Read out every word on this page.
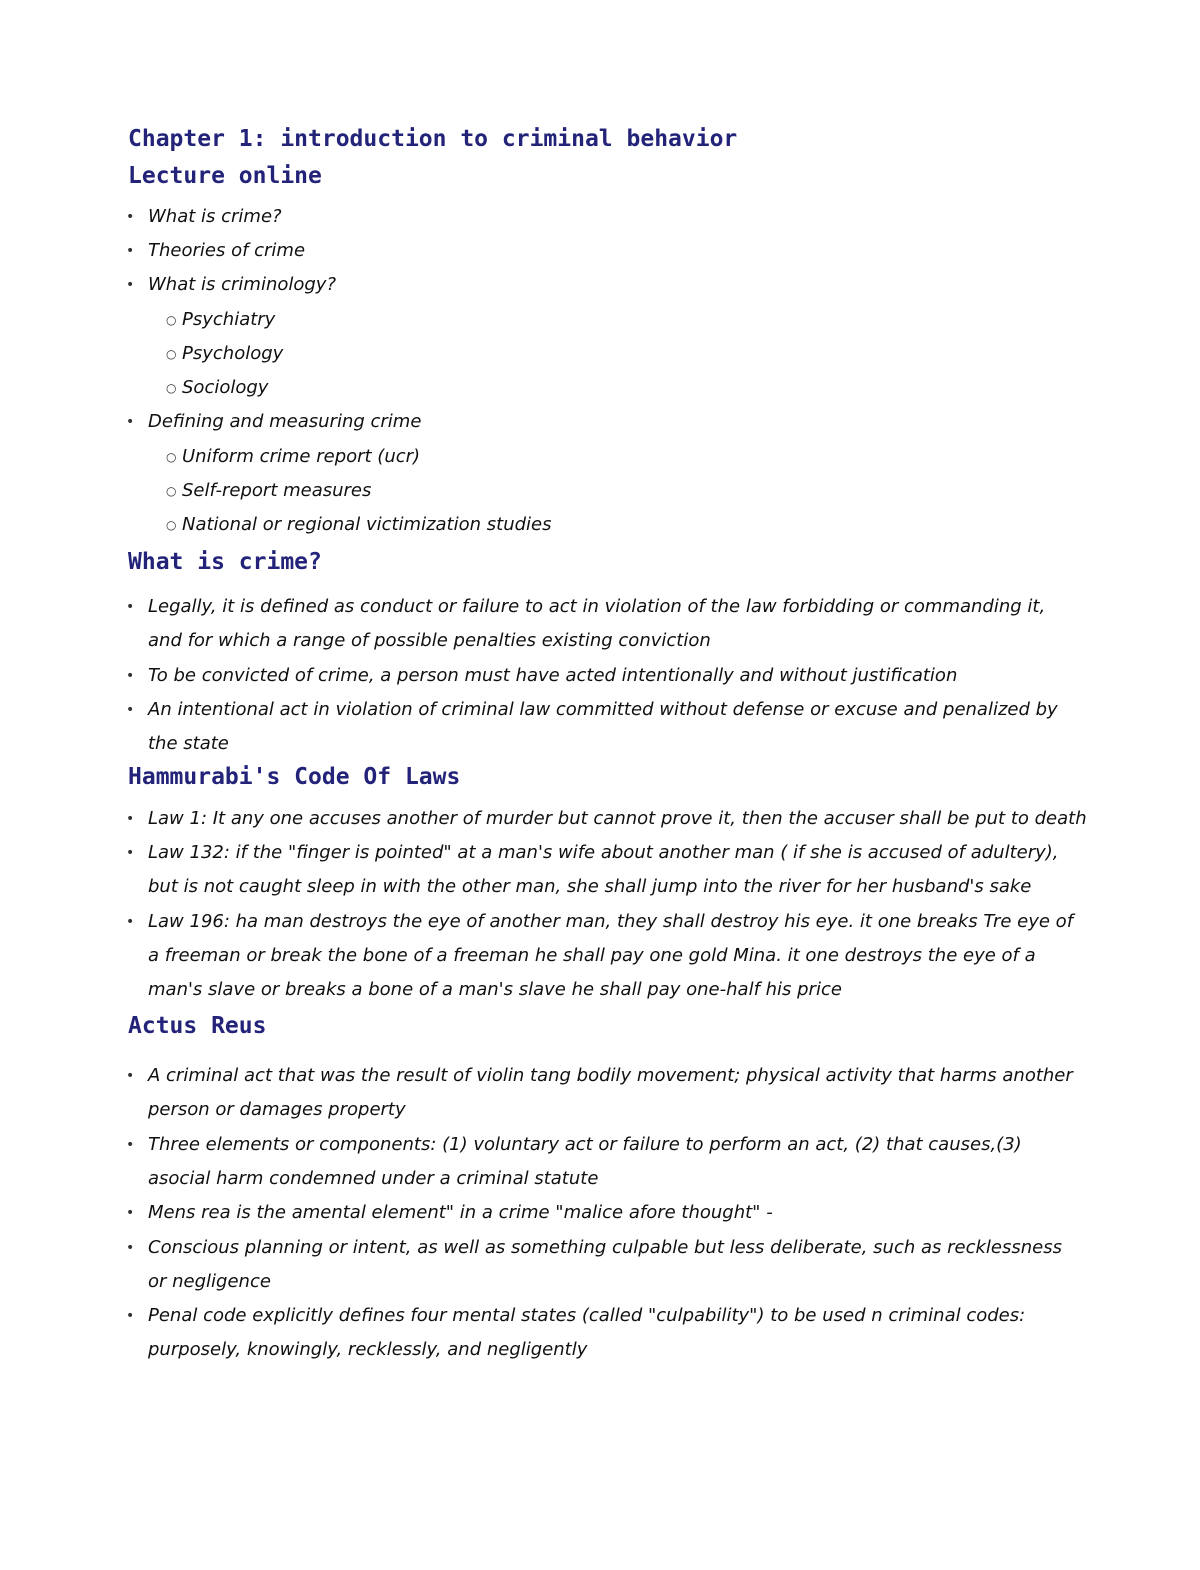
Chapter 1: introduction to criminal behavior
Lecture online
• What is crime?
• Theories of crime
• What is criminology?
○ Psychiatry
○ Psychology
○ Sociology
• Defining and measuring crime
○ Uniform crime report (ucr)
○ Self-report measures
○ National or regional victimization studies
What is crime?
• Legally, it is defined as conduct or failure to act in violation of the law forbidding or commanding it, and for which a range of possible penalties existing conviction
• To be convicted of crime, a person must have acted intentionally and without justification
• An intentional act in violation of criminal law committed without defense or excuse and penalized by the state
Hammurabi's Code Of Laws
• Law 1: It any one accuses another of murder but cannot prove it, then the accuser shall be put to death
• Law 132: if the "finger is pointed" at a man's wife about another man ( if she is accused of adultery), but is not caught sleep in with the other man, she shall jump into the river for her husband's sake
• Law 196: ha man destroys the eye of another man, they shall destroy his eye. it one breaks Tre eye of a freeman or break the bone of a freeman he shall pay one gold Mina. it one destroys the eye of a man's slave or breaks a bone of a man's slave he shall pay one-half his price
Actus Reus
• A criminal act that was the result of violin tang bodily movement; physical activity that harms another person or damages property
• Three elements or components: (1) voluntary act or failure to perform an act, (2) that causes,(3) asocial harm condemned under a criminal statute
• Mens rea is the amental element" in a crime "malice afore thought" -
• Conscious planning or intent, as well as something culpable but less deliberate, such as recklessness or negligence
• Penal code explicitly defines four mental states (called "culpability") to be used n criminal codes: purposely, knowingly, recklessly, and negligently
